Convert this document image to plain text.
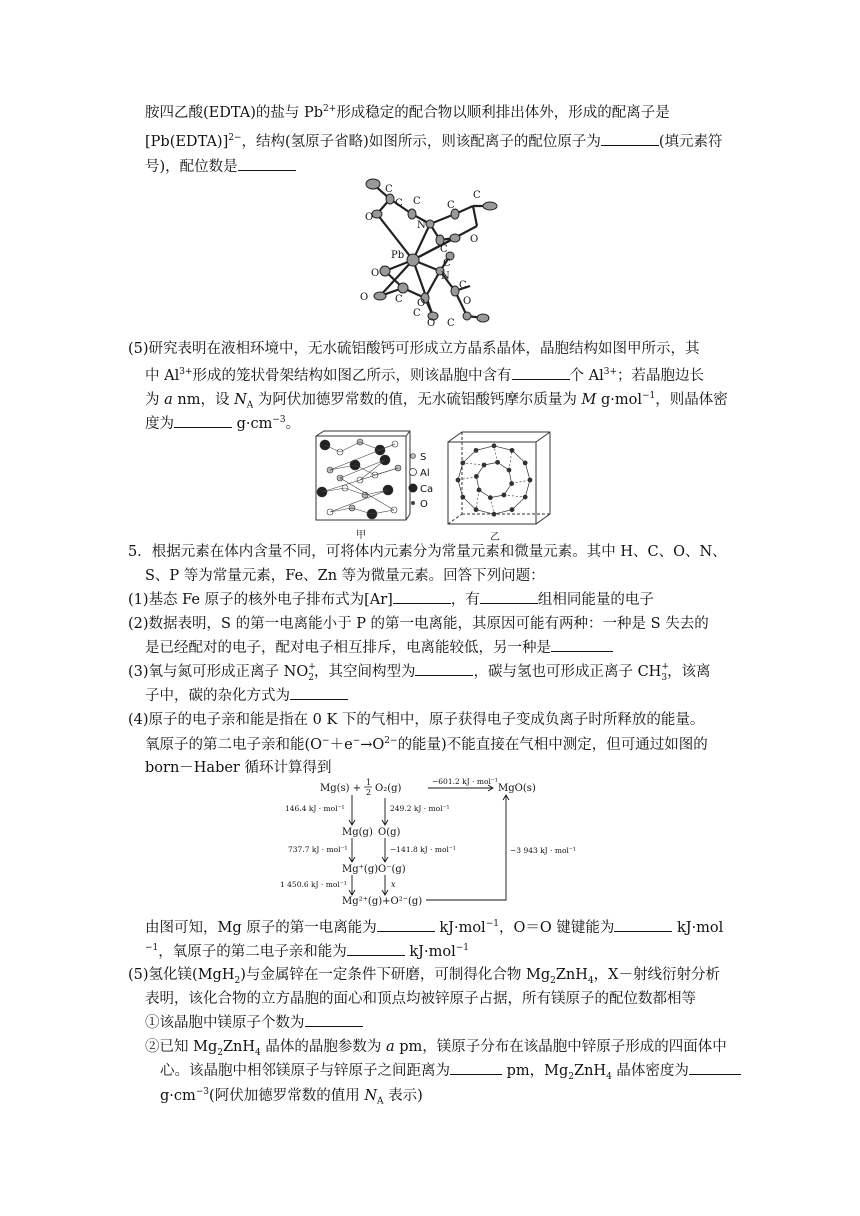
胺四乙酸(EDTA)的盐与 $Pb^{2+}$形成稳定的配合物以顺利排出体外，形成的配离子是
[Pb(EDTA)]$^{2-}$，结构(氢原子省略)如图所示，则该配离子的配位原子为	(填元素符
号)，配位数是
(5)研究表明在液相环境中，无水硫铝酸钙可形成立方晶系晶体，晶胞结构如图甲所示，其
中 $Al^{3+}$形成的笼状骨架结构如图乙所示，则该晶胞中含有	个 $Al^{3+}$；若晶胞边长
为 a nm，设 $N_A$ 为阿伏加德罗常数的值，无水硫铝酸钙摩尔质量为 M g·mol$^{-1}$，则晶体密
度为	$g\cdot cm^{-3}$。
5．根据元素在体内含量不同，可将体内元素分为常量元素和微量元素。其中 H、C、O、N、
S、P 等为常量元素，Fe、Zn 等为微量元素。回答下列问题：
(1)基态 Fe 原子的核外电子排布式为[Ar]	，有	组相同能量的电子
(2)数据表明，S 的第一电离能小于 P 的第一电离能，其原因可能有两种：一种是 S 失去的
是已经配对的电子，配对电子相互排斥，电离能较低，另一种是
(3)氧与氮可形成正离子 NO $_{+ 2}$，其空间构型为	，碳与氢也可形成正离子 CH $_{+ 3}$，该离
子中，碳的杂化方式为
(4)原子的电子亲和能是指在 0 K 下的气相中，原子获得电子变成负离子时所释放的能量。
氧原子的第二电子亲和能($O^-+e^-\to O^{2-}$的能量)不能直接在气相中测定，但可通过如图的
born－Haber 循环计算得到
由图可知，Mg 原子的第一电离能为	kJ·mol$^{-1}$，O＝O 键键能为	kJ·mol
$^{-1}$，氧原子的第二电子亲和能为	kJ·mol$^{-1}$
(5)氢化镁(MgH$_2$)与金属锌在一定条件下研磨，可制得化合物 $Mg_2ZnH_4$，X－射线衍射分析
表明，该化合物的立方晶胞的面心和顶点均被锌原子占据，所有镁原子的配位数都相等
①该晶胞中镁原子个数为
②已知 $Mg_2ZnH_4$ 晶体的晶胞参数为 a pm，镁原子分布在该晶胞中锌原子形成的四面体中
心。该晶胞中相邻镁原子与锌原子之间距离为	pm，$Mg_2ZnH_4$ 晶体密度为
$g\cdot cm^{-3}$(阿伏加德罗常数的值用 $N_A$ 表示)
C
C
O
C
N
C
C
O
O
Pb
C
O
C
N
O
C
C
O
C
O
C
甲
S
Al
Ca
O
乙
Mg(s) +
1
2 O₂(g)
−601.2 kJ · mol⁻¹
MgO(s)
146.4 kJ · mol⁻¹	249.2 kJ · mol⁻¹
Mg(g) O(g)
737.7 kJ · mol⁻¹	−141.8 kJ · mol⁻¹
Mg⁺(g) O⁻(g)
1 450.6 kJ · mol⁻¹	x
Mg²⁺(g)+O²⁻(g)
−3 943 kJ · mol⁻¹
